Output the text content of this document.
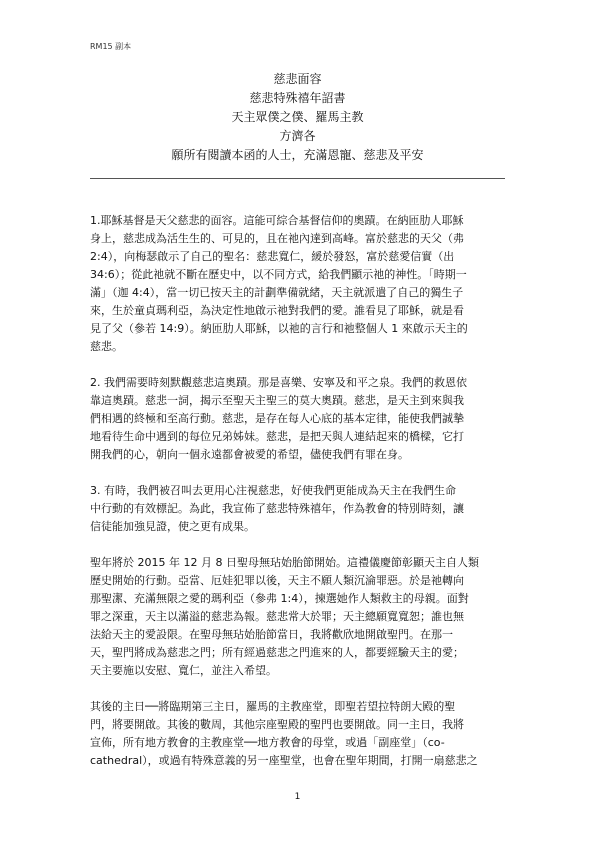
RM15 副本
慈悲面容
慈悲特殊禧年詔書
天主眾僕之僕、羅馬主教
方濟各
願所有閱讀本函的人士，充滿恩寵、慈悲及平安
1.耶穌基督是天父慈悲的面容。這能可綜合基督信仰的奧蹟。在納匝肋人耶穌
身上，慈悲成為活生生的、可見的，且在祂內達到高峰。富於慈悲的天父（弗
2:4），向梅瑟啟示了自己的聖名：慈悲寬仁，緩於發怒，富於慈愛信實（出
34:6）；從此祂就不斷在歷史中，以不同方式，給我們顯示祂的神性。「時期一
滿」（迦 4:4），當一切已按天主的計劃準備就緒，天主就派遣了自己的獨生子
來，生於童貞瑪利亞，為決定性地啟示祂對我們的愛。誰看見了耶穌，就是看
見了父（參若 14:9）。納匝肋人耶穌，以祂的言行和祂整個人 1 來啟示天主的
慈悲。
2. 我們需要時刻默觀慈悲這奧蹟。那是喜樂、安寧及和平之泉。我們的救恩依
靠這奧蹟。慈悲一詞，揭示至聖天主聖三的莫大奧蹟。慈悲，是天主到來與我
們相遇的終極和至高行動。慈悲，是存在每人心底的基本定律，能使我們誠摯
地看待生命中遇到的每位兄弟姊妹。慈悲，是把天與人連結起來的橋樑，它打
開我們的心，朝向一個永遠都會被愛的希望，儘使我們有罪在身。
3. 有時，我們被召叫去更用心注視慈悲，好使我們更能成為天主在我們生命
中行動的有效標記。為此，我宣佈了慈悲特殊禧年，作為教會的特別時刻，讓
信徒能加強見證，使之更有成果。
聖年將於 2015 年 12 月 8 日聖母無玷始胎節開始。這禮儀慶節彰顯天主自人類
歷史開始的行動。亞當、厄娃犯罪以後，天主不願人類沉淪罪惡。於是祂轉向
那聖潔、充滿無限之愛的瑪利亞（參弗 1:4），揀選她作人類救主的母親。面對
罪之深重，天主以滿溢的慈悲為報。慈悲常大於罪；天主總願寬寬恕；誰也無
法給天主的愛設限。在聖母無玷始胎節當日，我將歡欣地開啟聖門。在那一
天，聖門將成為慈悲之門；所有經過慈悲之門進來的人，都要經驗天主的愛；
天主要施以安慰、寬仁，並注入希望。
其後的主日──將臨期第三主日，羅馬的主教座堂，即聖若望拉特朗大殿的聖
門，將要開啟。其後的數周，其他宗座聖殿的聖門也要開啟。同一主日，我將
宣佈，所有地方教會的主教座堂──地方教會的母堂，或過「副座堂」（co-
cathedral），或過有特殊意義的另一座聖堂，也會在聖年期間，打開一扇慈悲之
1
